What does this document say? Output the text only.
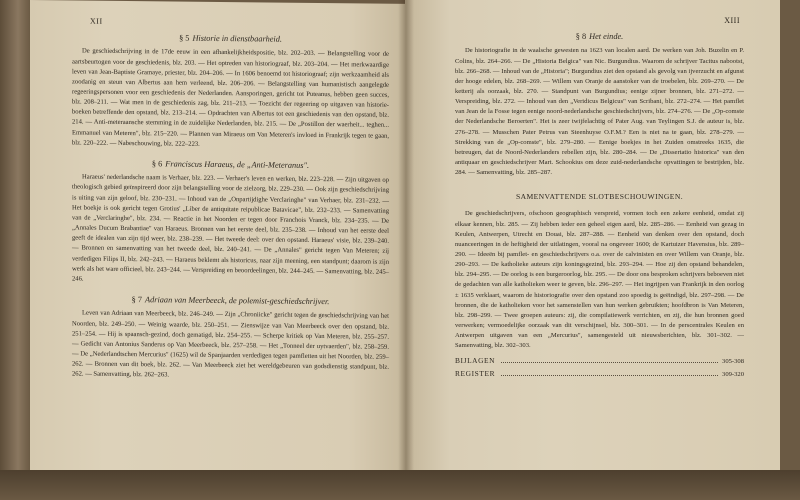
XII
§ 5 Historie in dienstbaarheid.

De geschiedschrijving in de 17de eeuw in een afhankelijkheidspositie, blz. 202–203. — Belangstelling voor de aartsbeurtogen voor de geschiedenis, blz. 203. — Het optreden van historiograaf, blz. 203–204. — Het merkwaardige leven van Jean-Baptiste Gramaye, priester, blz. 204–206. — In 1606 benoemd tot historiograaf; zijn werkzaamheid als zoodanig en steun van Albertus aan hem verleend, blz. 206–206. — Belangstelling van humanistisch aangelegde regeeringspersonen voor een geschiedenis der Nederlanden. Aansporingen, gericht tot Puteanus, hebben geen succes, blz. 208–211. — Wat men in de geschiedenis zag, blz. 211–213. — Toezicht der regeering op uitgaven van historie-boeken betreffende den opstand, blz. 213–214. — Opdrachten van Albertus tot een geschiedenis van den opstand, blz. 214. — Anti-meteraansche stemming in de zuidelijke Nederlanden, blz. 215. — De „Postillon der waerheit... teghen... Emmanuel van Meteren", blz. 215–220. — Plannen van Miraeus om Van Meteren's invloed in Frankrijk tegen te gaan, blz. 220–222. — Nabeschouwing, blz. 222–223.

§ 6 Franciscus Haraeus, de „Anti-Meteranus".

Haraeus' nederlandsche naam is Verhaer, blz. 223. — Verhaer's leven en werken, blz. 223–228. — Zijn uitgaven op theologisch gebied geïnspireerd door zijn belangstelling voor de zielzorg, blz. 229–230. — Ook zijn geschiedschrijving is uiting van zijn geloof, blz. 230–231. — Inhoud van de „Onpartijdighe Verclaringhe" van Verhaer, blz. 231–232. — Het boekje is ook gericht tegen Grotius' „Liber de antiquitate reipublicae Batavicae", blz. 232–233. — Samenvatting van de „Verclaringhe", blz. 234. — Reactie in het Noorden er tegen door Franchois Vranck, blz. 234–235. — De „Annales Ducum Brabantiae" van Haraeus. Bronnen van het eerste deel, blz. 235–238. — Inhoud van het eerste deel geeft de idealen van zijn tijd weer, blz. 238–239. — Het tweede deel: over den opstand. Haraeus' visie, blz. 239–240. — Bronnen en samenvatting van het tweede deel, blz. 240–241. — De „Annales" gericht tegen Van Meteren; zij verdedigen Filips II, blz. 242–243. — Haraeus beklemt als historicus, naar zijn meening, een standpunt; daarom is zijn werk als het ware officieel, blz. 243–244. — Verspreiding en beoordeelingen, blz. 244–245. — Samenvatting, blz. 245–246.

§ 7 Adriaan van Meerbeeck, de polemist-geschiedschrijver.

Leven van Adriaan van Meerbeeck, blz. 246–249. — Zijn „Chroniicke" gericht tegen de geschiedschrijving van het Noorden, blz. 249–250. — Weinig waarde, blz. 250–251. — Zienswijze van Van Meerbeeck over den opstand, blz. 251–254. — Hij is spaansch-gezind, doch gematigd, blz. 254–255. — Scherpe kritiek op Van Meteren, blz. 255–257. — Gedicht van Antonius Sanderus op Van Meerbeeck, blz. 257–258. — Het „Tonneel der uytvaerden", blz. 258–259. — De „Nederlandtschen Mercurius" (1625) wil de Spanjaarden verdedigen tegen pamfletten uit het Noorden, blz. 259–262. — Bronnen van dit boek, blz. 262. — Van Meerbeeck ziet het wereldgebeuren van godsdienstig standpunt, blz. 262. — Samenvatting, blz. 262–263.

XIII
§ 8 Het einde.

De historiografie in de waalsche gewesten na 1623 van localen aard. De werken van Joh. Buzelin en P. Colins, blz. 264–266. — De „Historia Belgica" van Nic. Burgundius. Waarom de schrijver Tacitus nabootst, blz. 266–268. — Inhoud van de „Historia"; Burgundius ziet den opstand als gevolg van ijverzucht en afgunst der hooge edelen, blz. 268–269. — Willem van Oranje de aanstoker van de troebelen, blz. 269–270. — De ketterij als oorzaak, blz. 270. — Standpunt van Burgundius; eenige zijner bronnen, blz. 271–272. — Verspreiding, blz. 272. — Inhoud van den „Veridicus Belgicus" van Scribani, blz. 272–274. — Het pamflet van Jean de la Fosse tegen eenige noord-nederlandsche geschiedschrijvers, blz. 274–276. — De „Op-comste der Nederlandsche Beroerten". Het is zeer twijfelachtig of Pater Aug. van Teylingen S.J. de auteur is, blz. 276–278. — Musschen Pater Petrus van Steenhuyse O.F.M.? Een is niet na te gaan, blz. 278–279. — Strekking van de „Op-comste", blz. 279–280. — Eenige boekjes in het Zuiden omstreeks 1635, die betreugen, dat de Noord-Nederlanders rebellen zijn, blz. 280–284. — De „Dissertatio historica" van den antiquaar en geschiedschrijver Mart. Schookius om deze zuid-nederlandsche opvattingen te bestrijden, blz. 284. — Samenvatting, blz. 285–287.

SAMENVATTENDE SLOTBESCHOUWINGEN.

De geschiedschrijvers, ofschoon geographisch verspreid, vormen toch een zekere eenheid, omdat zij elkaar kennen, blz. 285. — Zij hebben ieder een geheel eigen aard, blz. 285–286. — Eenheid van gezag in Keulen, Antwerpen, Utrecht en Douai, blz. 287–288. — Eenheid van denken over den opstand, doch nuanceeringen in de heftigheid der uitlatingen, vooral na ongeveer 1600; de Kartuizer Havensius, blz. 289–290. — Ideeën bij pamflet- en geschiedschrijvers o.a. over de calvinisten en over Willem van Oranje, blz. 290–293. — De katholieke auteurs zijn koningsgezind, blz. 293–294. — Hoe zij den opstand behandelen, blz. 294–295. — De oorlog is een burgeroorlog, blz. 295. — De door ons besproken schrijvers beboeven niet de gedachten van alle katholieken weer te geven, blz. 296–297. — Het ingrijpen van Frankrijk in den oorlog ± 1635 verklaart, waarom de historiografie over den opstand zoo spoedig is geëindigd, blz. 297–298. — De bronnen, die de katholieken voor het samenstellen van hun werken gebruikten; hoofdbron is Van Meteren, blz. 298–299. — Twee groepen auteurs: zij, die compilatiewerk verrichten, en zij, die hun bronnen goed verwerken; vermoedelijke oorzaak van dit verschijnsel, blz. 300–301. — In de perscentrales Keulen en Antwerpen uitgaven van een „Mercurius", samengesteld uit nieuwsberichten, blz. 301–302. — Samenvatting, blz. 302–303.

BIJLAGEN	305-308
REGISTER	309-320
